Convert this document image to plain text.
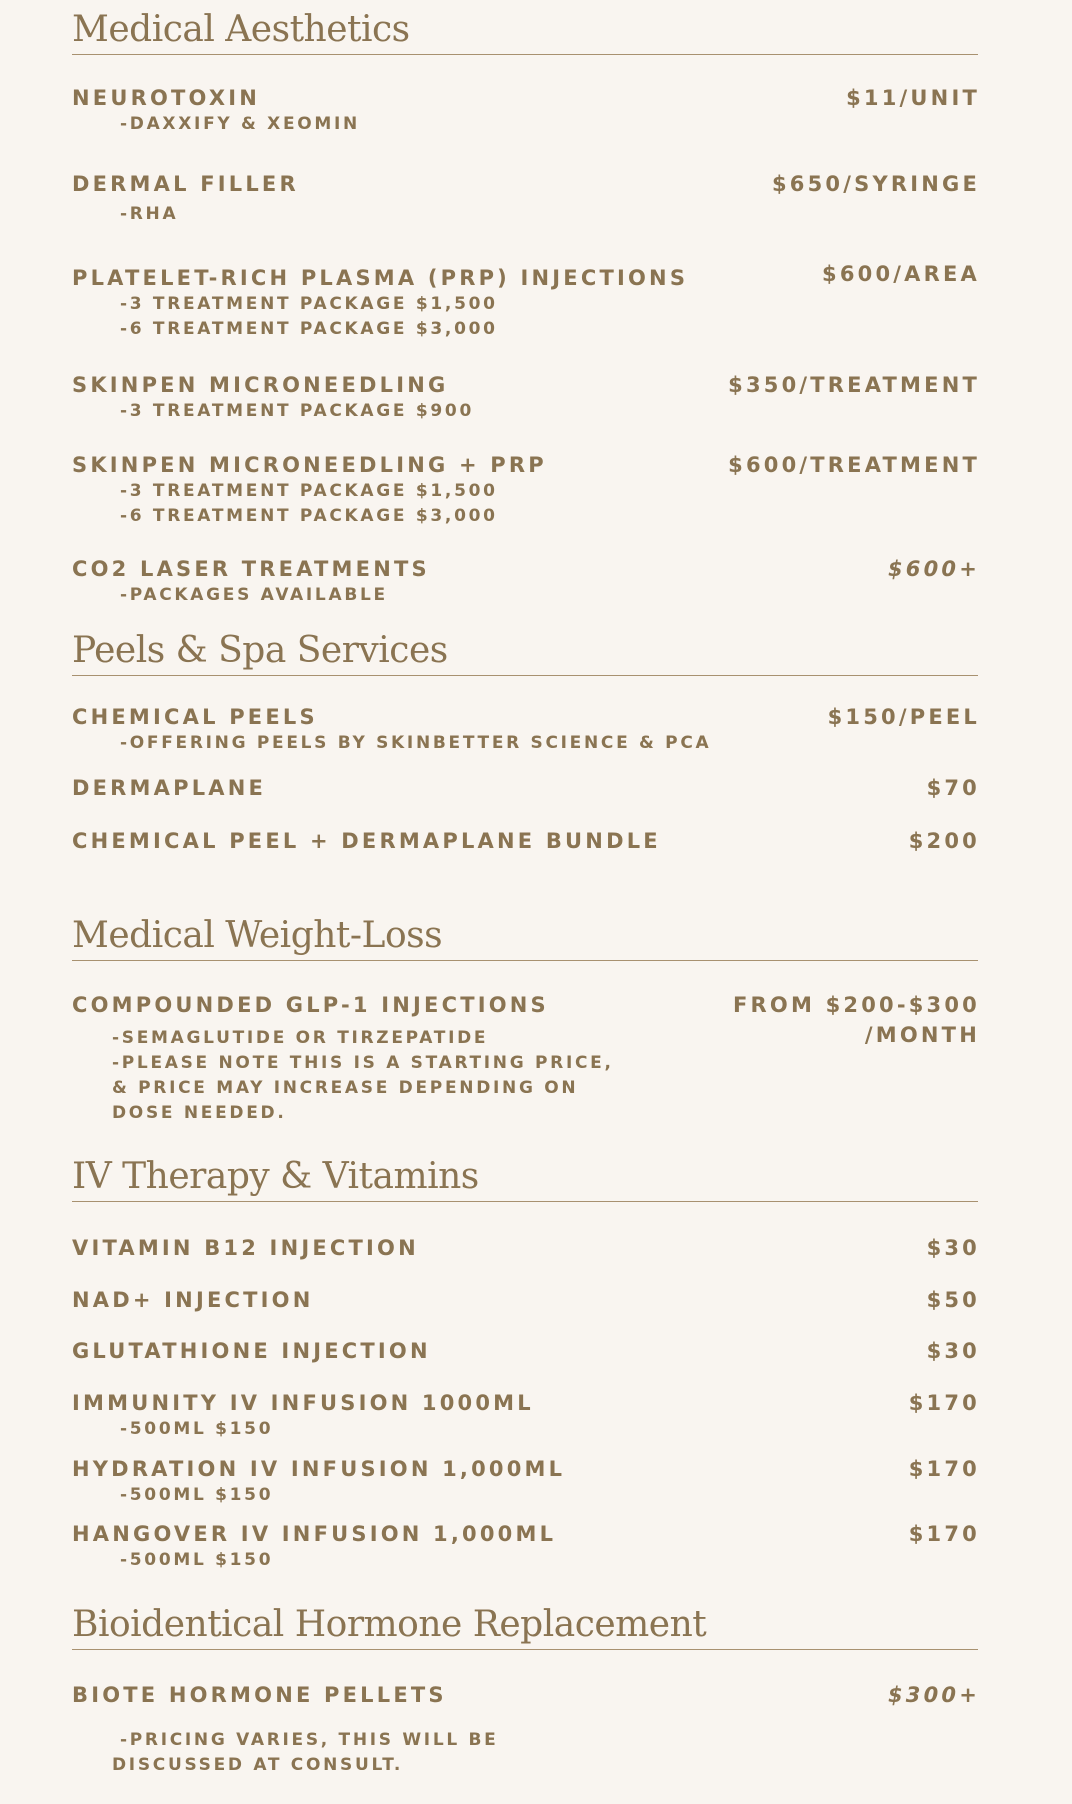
Medical Aesthetics
NEUROTOXIN	$11/UNIT
-DAXXIFY & XEOMIN
DERMAL FILLER	$650/SYRINGE
-RHA
PLATELET-RICH PLASMA (PRP) INJECTIONS	$600/AREA
-3 TREATMENT PACKAGE $1,500
-6 TREATMENT PACKAGE $3,000
SKINPEN MICRONEEDLING	$350/TREATMENT
-3 TREATMENT PACKAGE $900
SKINPEN MICRONEEDLING + PRP	$600/TREATMENT
-3 TREATMENT PACKAGE $1,500
-6 TREATMENT PACKAGE $3,000
CO2 LASER TREATMENTS	$600+
-PACKAGES AVAILABLE
Peels & Spa Services
CHEMICAL PEELS	$150/PEEL
-OFFERING PEELS BY SKINBETTER SCIENCE & PCA
DERMAPLANE	$70
CHEMICAL PEEL + DERMAPLANE BUNDLE	$200
Medical Weight-Loss
COMPOUNDED GLP-1 INJECTIONS	FROM $200-$300
/MONTH
-SEMAGLUTIDE OR TIRZEPATIDE
-PLEASE NOTE THIS IS A STARTING PRICE,
& PRICE MAY INCREASE DEPENDING ON
DOSE NEEDED.
IV Therapy & Vitamins
VITAMIN B12 INJECTION	$30
NAD+ INJECTION	$50
GLUTATHIONE INJECTION	$30
IMMUNITY IV INFUSION 1000ML	$170
-500ML $150
HYDRATION IV INFUSION 1,000ML	$170
-500ML $150
HANGOVER IV INFUSION 1,000ML	$170
-500ML $150
Bioidentical Hormone Replacement
BIOTE HORMONE PELLETS	$300+
-PRICING VARIES, THIS WILL BE
DISCUSSED AT CONSULT.
